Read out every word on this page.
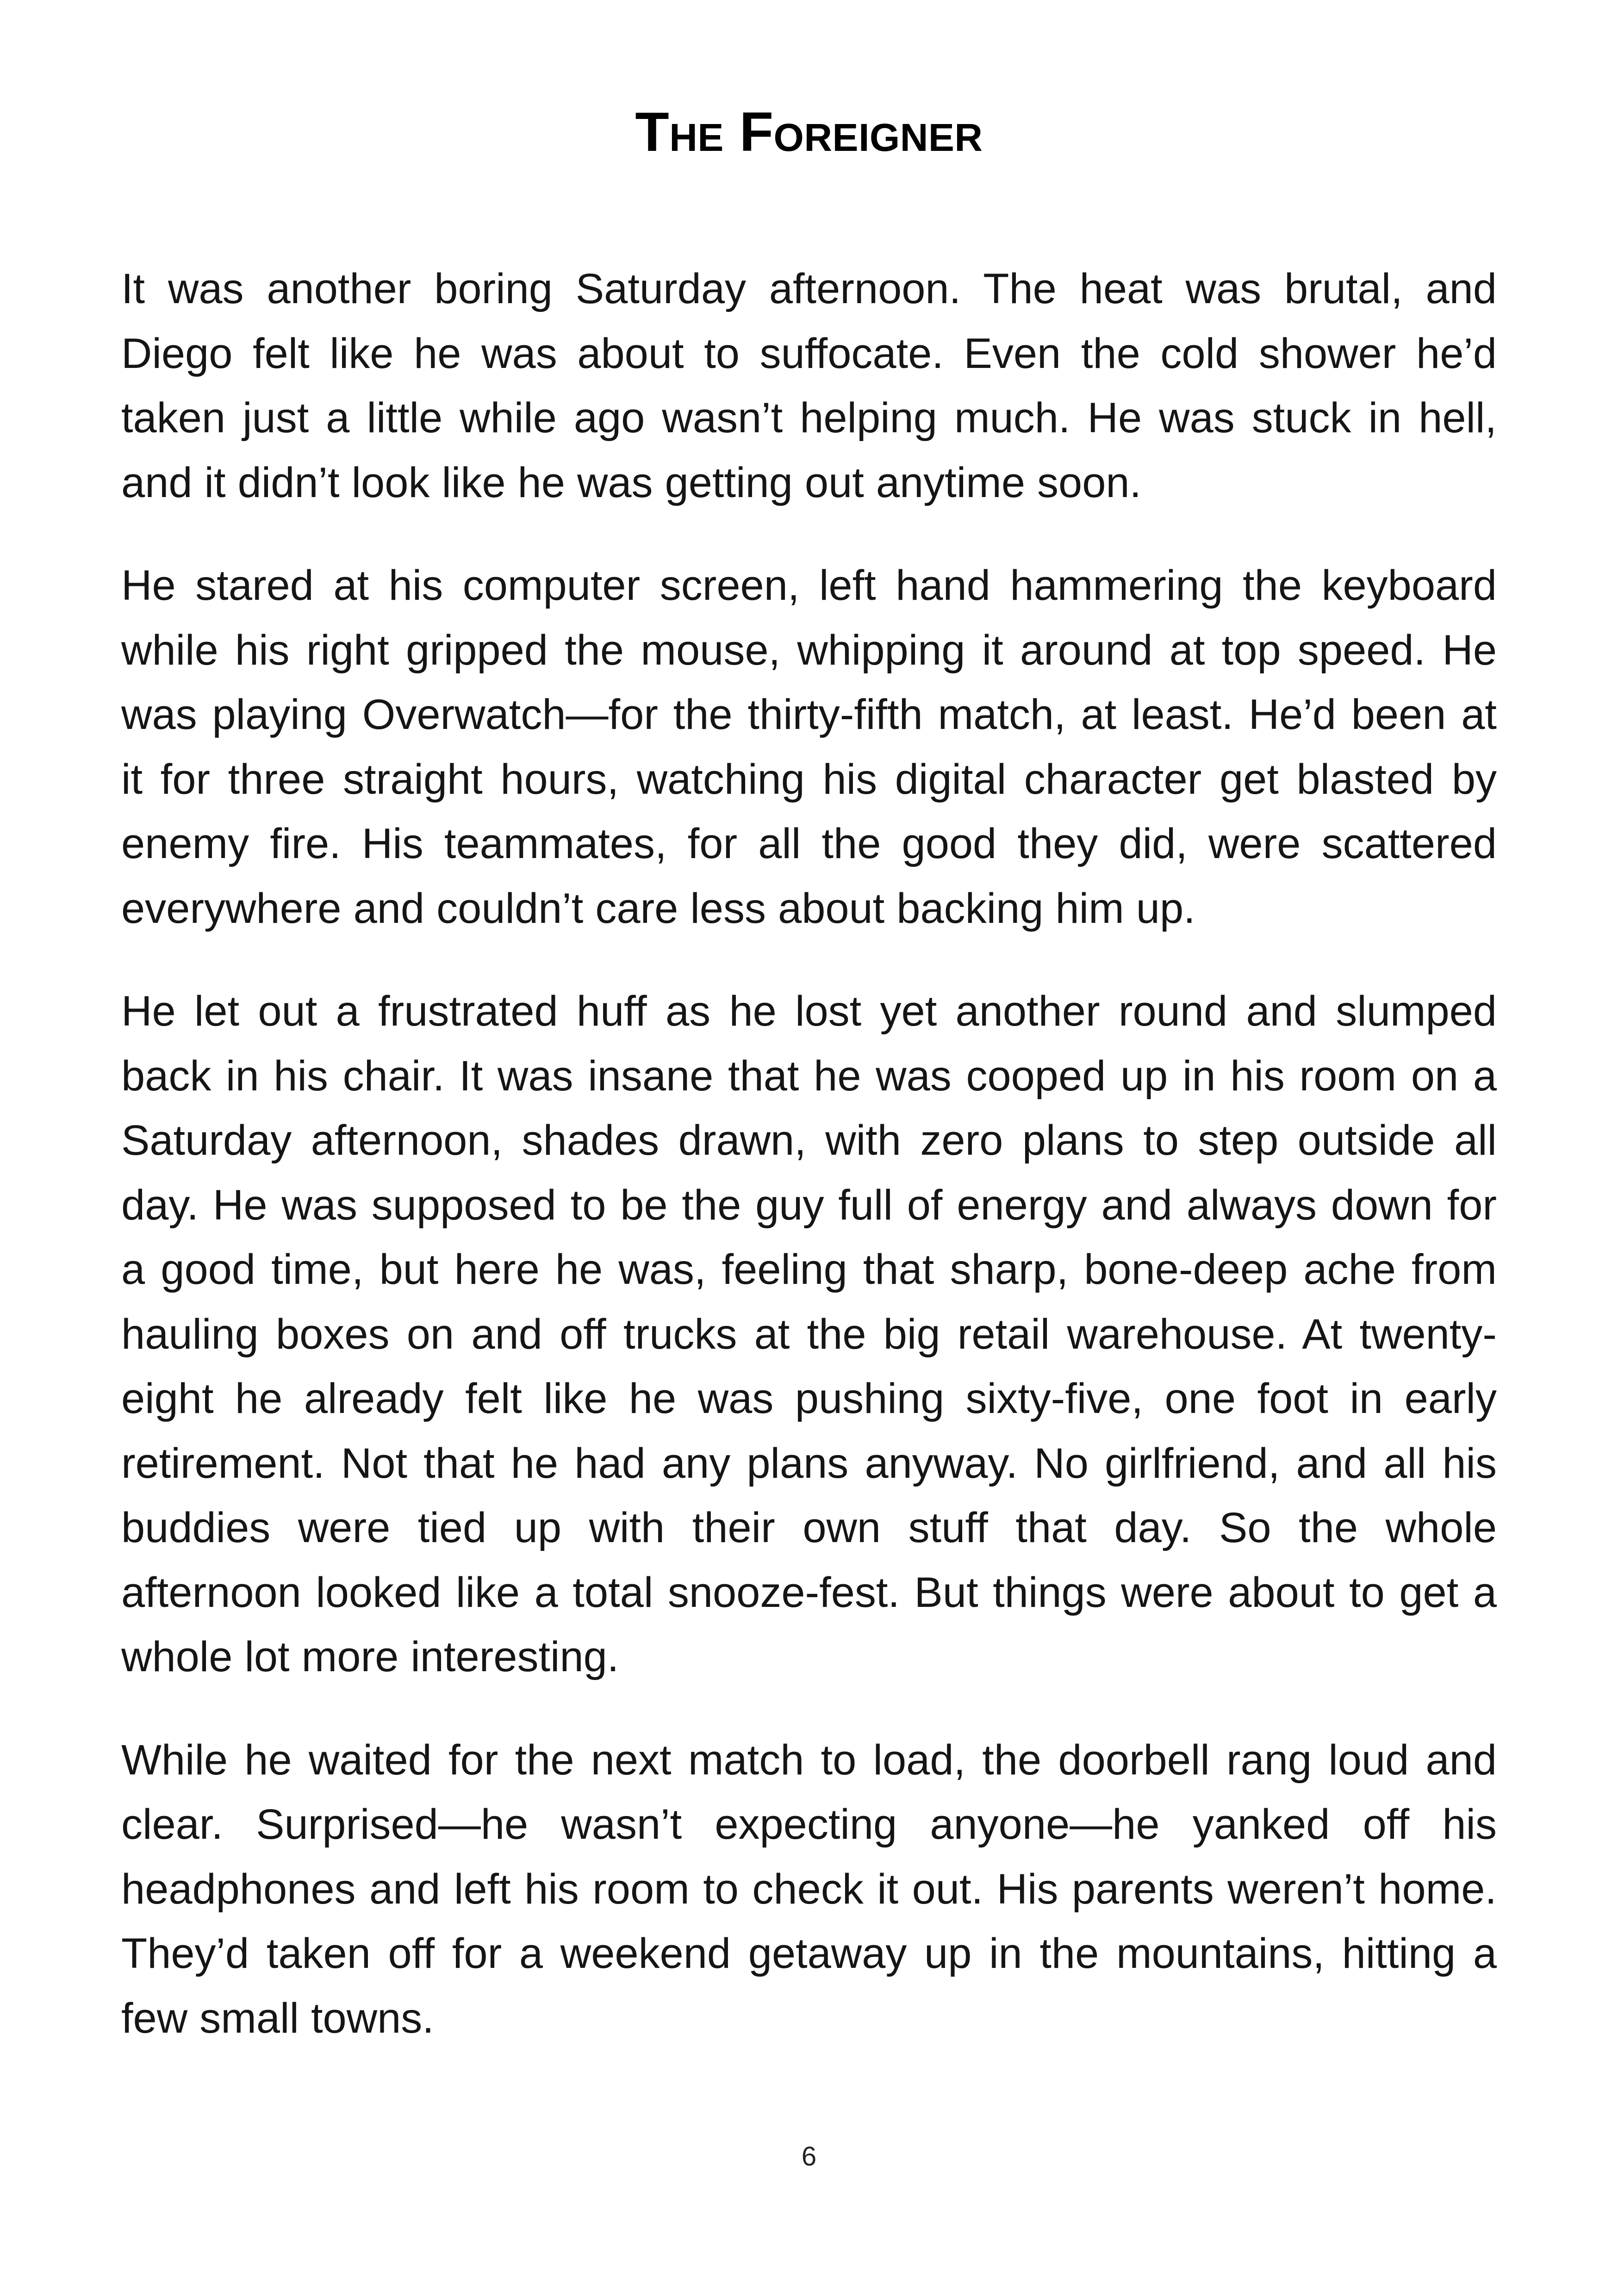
The Foreigner

It was another boring Saturday afternoon. The heat was brutal, and Diego felt like he was about to suffocate. Even the cold shower he’d taken just a little while ago wasn’t helping much. He was stuck in hell, and it didn’t look like he was getting out anytime soon.

He stared at his computer screen, left hand hammering the keyboard while his right gripped the mouse, whipping it around at top speed. He was playing Overwatch—for the thirty-fifth match, at least. He’d been at it for three straight hours, watching his digital character get blasted by enemy fire. His teammates, for all the good they did, were scattered everywhere and couldn’t care less about backing him up.

He let out a frustrated huff as he lost yet another round and slumped back in his chair. It was insane that he was cooped up in his room on a Saturday afternoon, shades drawn, with zero plans to step outside all day. He was supposed to be the guy full of energy and always down for a good time, but here he was, feeling that sharp, bone-deep ache from hauling boxes on and off trucks at the big retail warehouse. At twenty-eight he already felt like he was pushing sixty-five, one foot in early retirement. Not that he had any plans anyway. No girlfriend, and all his buddies were tied up with their own stuff that day. So the whole afternoon looked like a total snooze-fest. But things were about to get a whole lot more interesting.

While he waited for the next match to load, the doorbell rang loud and clear. Surprised—he wasn’t expecting anyone—he yanked off his headphones and left his room to check it out. His parents weren’t home. They’d taken off for a weekend getaway up in the mountains, hitting a few small towns.

6
